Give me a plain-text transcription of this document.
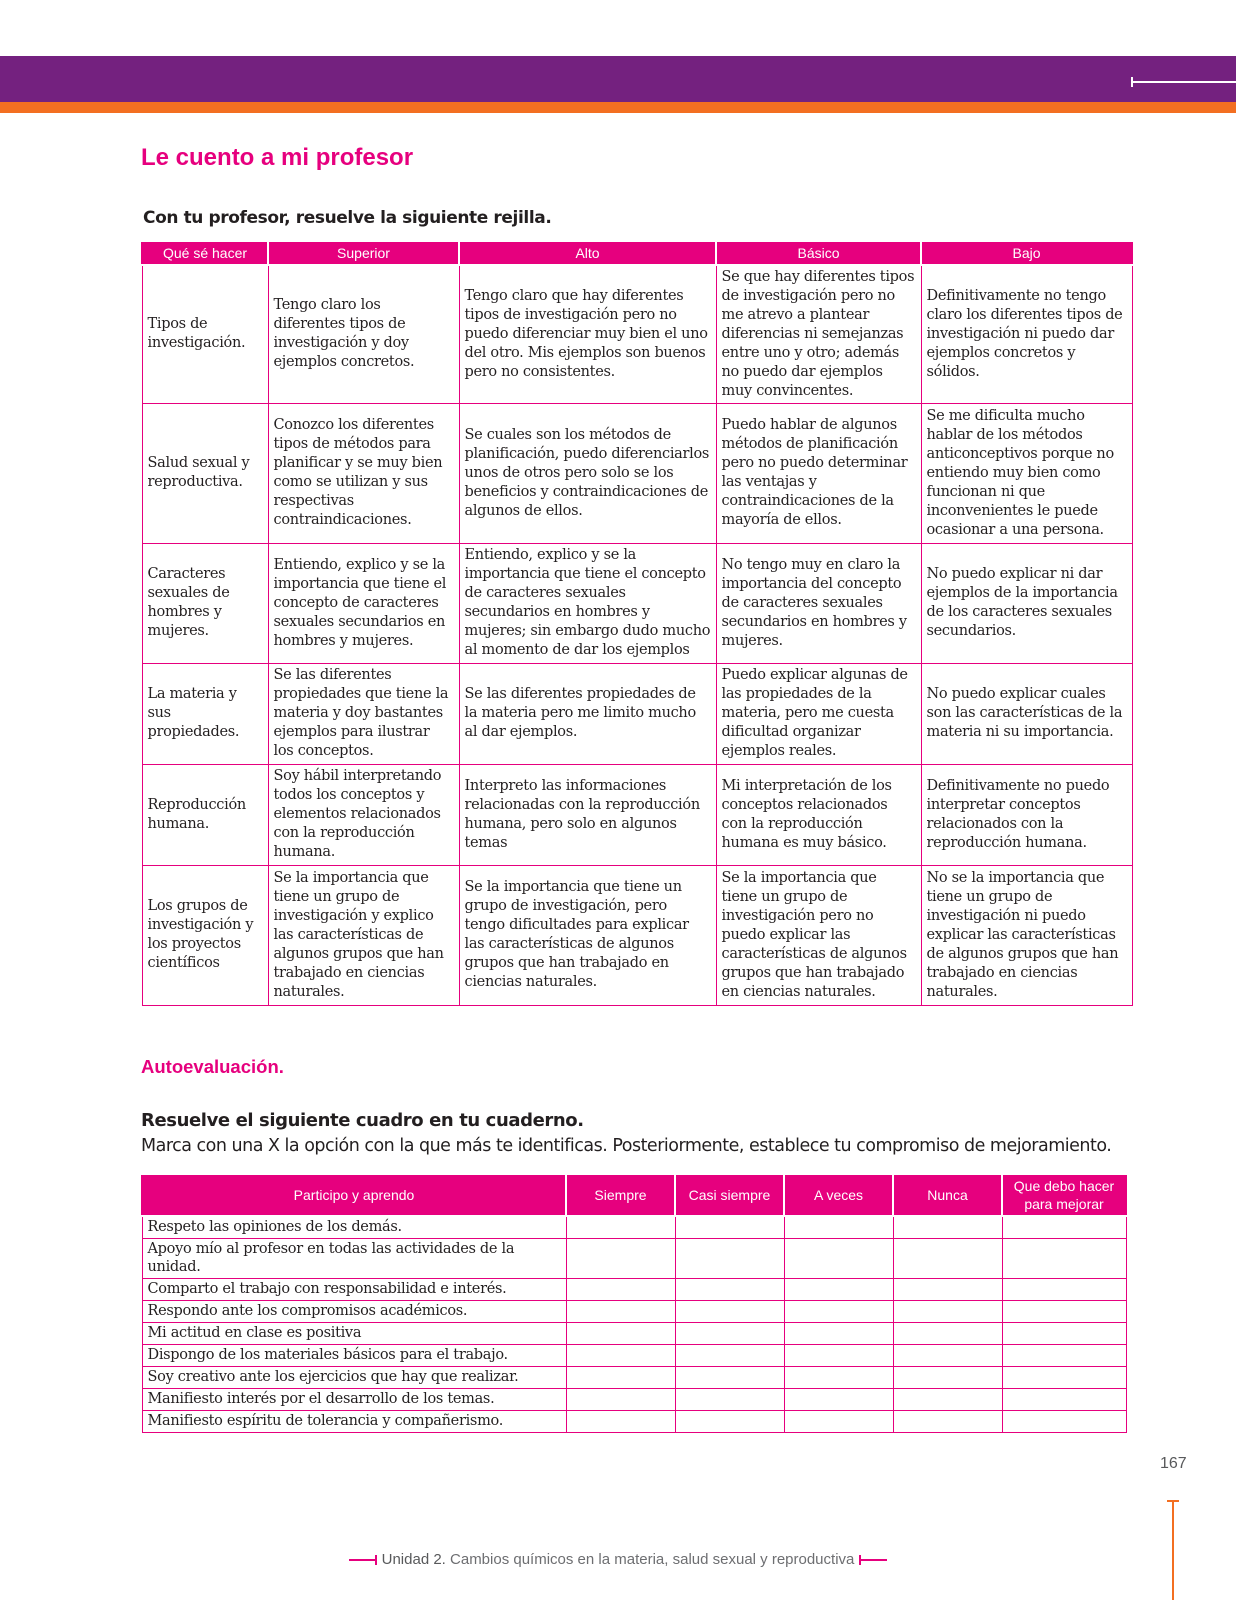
Le cuento a mi profesor

Con tu profesor, resuelve la siguiente rejilla.

Qué sé hacer	Superior	Alto	Básico	Bajo
Tipos de investigación.	Tengo claro los diferentes tipos de investigación y doy ejemplos concretos.	Tengo claro que hay diferentes tipos de investigación pero no puedo diferenciar muy bien el uno del otro. Mis ejemplos son buenos pero no consistentes.	Se que hay diferentes tipos de investigación pero no me atrevo a plantear diferencias ni semejanzas entre uno y otro; además no puedo dar ejemplos muy convincentes.	Definitivamente no tengo claro los diferentes tipos de investigación ni puedo dar ejemplos concretos y sólidos.
Salud sexual y reproductiva.	Conozco los diferentes tipos de métodos para planificar y se muy bien como se utilizan y sus respectivas contraindicaciones.	Se cuales son los métodos de planificación, puedo diferenciarlos unos de otros pero solo se los beneficios y contraindicaciones de algunos de ellos.	Puedo hablar de algunos métodos de planificación pero no puedo determinar las ventajas y contraindicaciones de la mayoría de ellos.	Se me dificulta mucho hablar de los métodos anticonceptivos porque no entiendo muy bien como funcionan ni que inconvenientes le puede ocasionar a una persona.
Caracteres sexuales de hombres y mujeres.	Entiendo, explico y se la importancia que tiene el concepto de caracteres sexuales secundarios en hombres y mujeres.	Entiendo, explico y se la importancia que tiene el concepto de caracteres sexuales secundarios en hombres y mujeres; sin embargo dudo mucho al momento de dar los ejemplos	No tengo muy en claro la importancia del concepto de caracteres sexuales secundarios en hombres y mujeres.	No puedo explicar ni dar ejemplos de la importancia de los caracteres sexuales secundarios.
La materia y sus propiedades.	Se las diferentes propiedades que tiene la materia y doy bastantes ejemplos para ilustrar los conceptos.	Se las diferentes propiedades de la materia pero me limito mucho al dar ejemplos.	Puedo explicar algunas de las propiedades de la materia, pero me cuesta dificultad organizar ejemplos reales.	No puedo explicar cuales son las características de la materia ni su importancia.
Reproducción humana.	Soy hábil interpretando todos los conceptos y elementos relacionados con la reproducción humana.	Interpreto las informaciones relacionadas con la reproducción humana, pero solo en algunos temas	Mi interpretación de los conceptos relacionados con la reproducción humana es muy básico.	Definitivamente no puedo interpretar conceptos relacionados con la reproducción humana.
Los grupos de investigación y los proyectos científicos	Se la importancia que tiene un grupo de investigación y explico las características de algunos grupos que han trabajado en ciencias naturales.	Se la importancia que tiene un grupo de investigación, pero tengo dificultades para explicar las características de algunos grupos que han trabajado en ciencias naturales.	Se la importancia que tiene un grupo de investigación pero no puedo explicar las características de algunos grupos que han trabajado en ciencias naturales.	No se la importancia que tiene un grupo de investigación ni puedo explicar las características de algunos grupos que han trabajado en ciencias naturales.
Autoevaluación.

Resuelve el siguiente cuadro en tu cuaderno.

Marca con una X la opción con la que más te identificas. Posteriormente, establece tu compromiso de mejoramiento.

Participo y aprendo	Siempre	Casi siempre	A veces	Nunca	Que debo hacer para mejorar
Respeto las opiniones de los demás.					
Apoyo mío al profesor en todas las actividades de la unidad.					
Comparto el trabajo con responsabilidad e interés.					
Respondo ante los compromisos académicos.					
Mi actitud en clase es positiva					
Dispongo de los materiales básicos para el trabajo.					
Soy creativo ante los ejercicios que hay que realizar.					
Manifiesto interés por el desarrollo de los temas.					
Manifiesto espíritu de tolerancia y compañerismo.					
167
Unidad 2. Cambios químicos en la materia, salud sexual y reproductiva
